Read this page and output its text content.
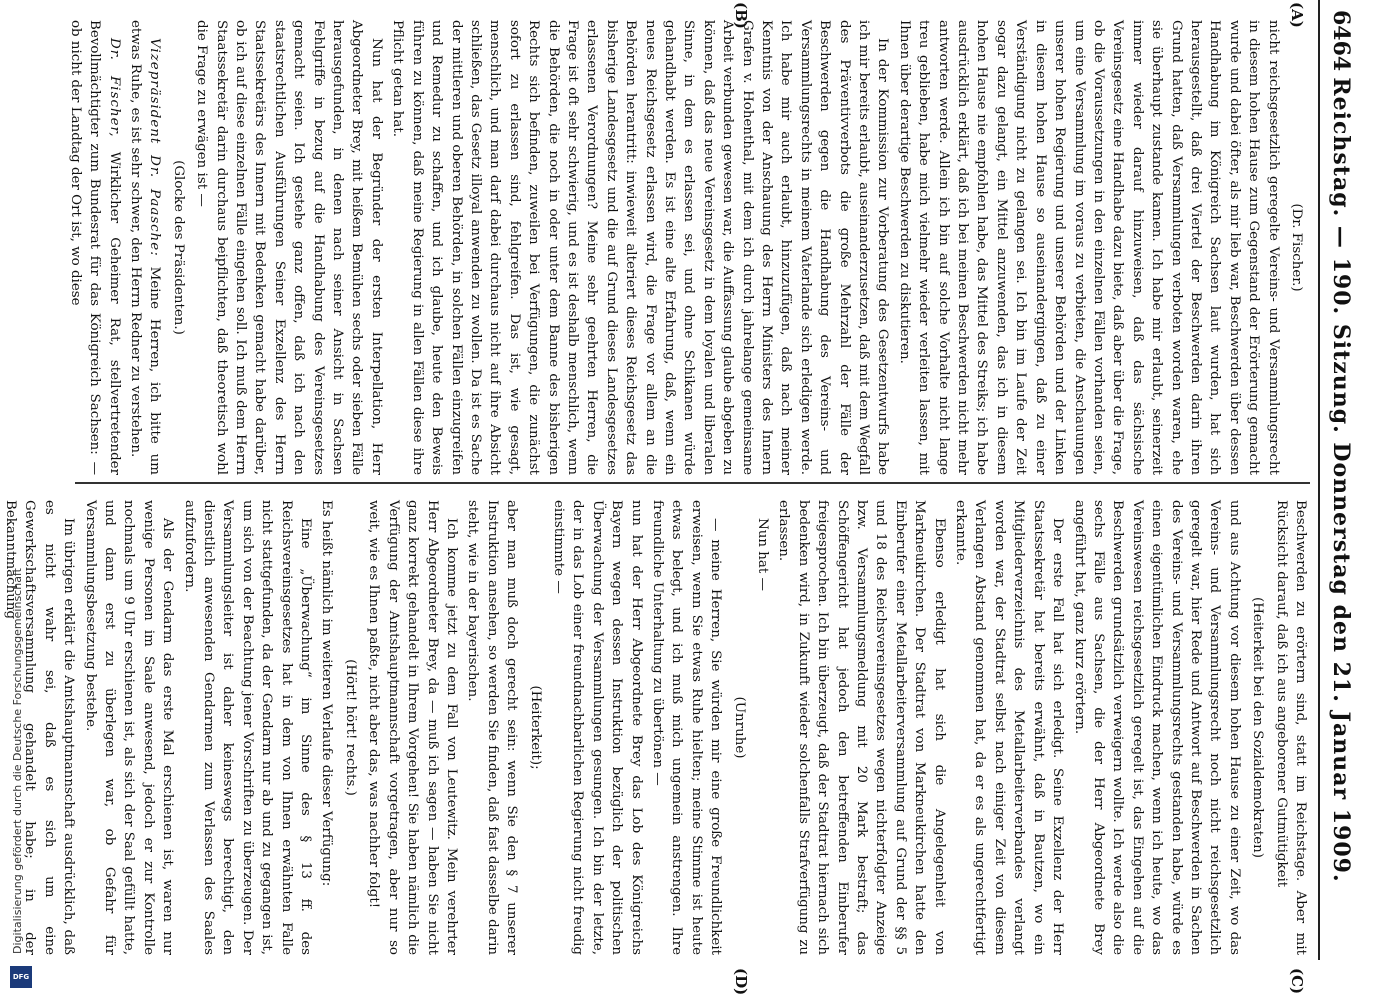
6464
Reichstag. — 190. Sitzung. Donnerstag den 21. Januar 1909.
(A)
(B)
(C)
(D)

(Dr. Fischer.)

nicht reichsgesetzlich geregelte Vereins- und Versammlungsrecht in diesem hohen Hause zum Gegenstand der Erörterung gemacht wurde und dabei öfter, als mir lieb war, Beschwerden über dessen Handhabung im Königreich Sachsen laut wurden, hat sich herausgestellt, daß drei Viertel der Beschwerden darin ihren Grund hatten, daß Versammlungen verboten worden waren, ehe sie überhaupt zustande kamen. Ich habe mir erlaubt, seinerzeit immer wieder darauf hinzuweisen, daß das sächsische Vereinsgesetz eine Handhabe dazu biete, daß aber über die Frage, ob die Voraussetzungen in den einzelnen Fällen vorhanden seien, um eine Versammlung im voraus zu verbieten, die Anschauungen unserer hohen Regierung und unserer Behörden und der Linken in diesem hohen Hause so auseinandergingen, daß zu einer Verständigung nicht zu gelangen sei. Ich bin im Laufe der Zeit sogar dazu gelangt, ein Mittel anzuwenden, das ich in diesem hohen Hause nie empfohlen habe, das Mittel des Streiks; ich habe ausdrücklich erklärt, daß ich bei meinen Beschwerden nicht mehr antworten werde. Allein ich bin auf solche Vorhalte nicht lange treu geblieben, habe mich vielmehr wieder verleiten lassen, mit Ihnen über derartige Beschwerden zu diskutieren.

In der Kommission zur Vorberatung des Gesetzentwurfs habe ich mir bereits erlaubt, auseinanderzusetzen, daß mit dem Wegfall des Präventivverbots die große Mehrzahl der Fälle der Beschwerden gegen die Handhabung des Vereins- und Versammlungsrechts in meinem Vaterlande sich erledigen werde. Ich habe mir auch erlaubt, hinzuzufügen, daß nach meiner Kenntnis von der Anschauung des Herrn Ministers des Innern Grafen v. Hohenthal, mit dem ich durch jahrelange gemeinsame Arbeit verbunden gewesen war, die Auffassung glaube abgeben zu können, daß das neue Vereinsgesetz in dem loyalen und liberalen Sinne, in dem es erlassen sei, und ohne Schikanen würde gehandhabt werden. Es ist eine alte Erfahrung, daß, wenn ein neues Reichsgesetz erlassen wird, die Frage vor allem an die Behörden herantritt: inwieweit alteriert dieses Reichsgesetz das bisherige Landesgesetz und die auf Grund dieses Landesgesetzes erlassenen Verordnungen? Meine sehr geehrten Herren, die Frage ist oft sehr schwierig, und es ist deshalb menschlich, wenn die Behörden, die noch in oder unter dem Banne des bisherigen Rechts sich befinden, zuweilen bei Verfügungen, die zunächst sofort zu erlassen sind, fehlgreifen. Das ist, wie gesagt, menschlich, und man darf dabei durchaus nicht auf ihre Absicht schließen, das Gesetz illoyal anwenden zu wollen. Da ist es Sache der mittleren und oberen Behörden, in solchen Fällen einzugreifen und Remedur zu schaffen, und ich glaube, heute den Beweis führen zu können, daß meine Regierung in allen Fällen diese ihre Pflicht getan hat.

Nun hat der Begründer der ersten Interpellation, Herr Abgeordneter Brey, mit heißem Bemühen sechs oder sieben Fälle herausgefunden, in denen nach seiner Ansicht in Sachsen Fehlgriffe in bezug auf die Handhabung des Vereinsgesetzes gemacht seien. Ich gestehe ganz offen, daß ich nach den staatsrechtlichen Ausführungen Seiner Exzellenz des Herrn Staatssekretärs des Innern mit Bedenken gemacht habe darüber, ob ich auf diese einzelnen Fälle eingehen soll. Ich muß dem Herrn Staatssekretär darin durchaus beipflichten, daß theoretisch wohl die Frage zu erwägen ist —

(Glocke des Präsidenten.)

Vizepräsident Dr. Paasche: Meine Herren, ich bitte um etwas Ruhe, es ist sehr schwer, den Herrn Redner zu verstehen.

Dr. Fischer, Wirklicher Geheimer Rat, stellvertretender Bevollmächtigter zum Bundesrat für das Königreich Sachsen: — ob nicht der Landtag der Ort ist, wo diese

Beschwerden zu erörtern sind, statt im Reichstage. Aber mit Rücksicht darauf, daß ich aus angeborener Gutmütigkeit

(Heiterkeit bei den Sozialdemokraten)

und aus Achtung vor diesem hohen Hause zu einer Zeit, wo das Vereins- und Versammlungsrecht noch nicht reichsgesetzlich geregelt war, hier Rede und Antwort auf Beschwerden in Sachen des Vereins- und Versammlungsrechts gestanden habe, würde es einen eigentümlichen Eindruck machen, wenn ich heute, wo das Vereinswesen reichsgesetzlich geregelt ist, das Eingehen auf die Beschwerden grundsätzlich verweigern wollte. Ich werde also die sechs Fälle aus Sachsen, die der Herr Abgeordnete Brey angeführt hat, ganz kurz erörtern.

Der erste Fall hat sich erledigt. Seine Exzellenz der Herr Staatssekretär hat bereits erwähnt, daß in Bautzen, wo ein Mitgliederverzeichnis des Metallarbeiterverbandes verlangt worden war, der Stadtrat selbst nach einiger Zeit von diesem Verlangen Abstand genommen hat, da er es als ungerechtfertigt erkannte.

Ebenso erledigt hat sich die Angelegenheit von Markneukirchen. Der Stadtrat von Markneukirchen hatte den Einberufer einer Metallarbeiterversammlung auf Grund der §§ 5 und 18 des Reichsvereinsgesetzes wegen nichterfolgter Anzeige bzw. Versammlungsmeldung mit 20 Mark bestraft; das Schöffengericht hat jedoch den betreffenden Einberufer freigesprochen. Ich bin überzeugt, daß der Stadtrat hiernach sich bedenken wird, in Zukunft wieder solchenfalls Strafverfügung zu erlassen.

Nun hat —

(Unruhe)

— meine Herren, Sie würden mir eine große Freundlichkeit erweisen, wenn Sie etwas Ruhe hielten; meine Stimme ist heute etwas belegt, und ich muß mich ungemein anstrengen. Ihre freundliche Unterhaltung zu übertönen —

nun hat der Herr Abgeordnete Brey das Lob des Königreichs Bayern wegen dessen Instruktion bezüglich der politischen Überwachung der Versammlungen gesungen. Ich bin der letzte, der in das Lob einer freundnachbarlichen Regierung nicht freudig einstimmte —

(Heiterkeit);

aber man muß doch gerecht sein: wenn Sie den § 7 unserer Instruktion ansehen, so werden Sie finden, daß fast dasselbe darin steht, wie in der bayerischen.

Ich komme jetzt zu dem Fall von Leutewitz. Mein verehrter Herr Abgeordneter Brey, da — muß ich sagen — haben Sie nicht ganz korrekt gehandelt in Ihrem Vorgehen! Sie haben nämlich die Verfügung der Amtshauptmannschaft vorgetragen, aber nur so weit, wie es Ihnen paßte, nicht aber das, was nachher folgt!

(Hört! hört! rechts.)

Es heißt nämlich im weiteren Verlaufe dieser Verfügung:

Eine „Überwachung“ im Sinne des § 13 ff. des Reichsvereinsgesetzes hat in dem von Ihnen erwähnten Falle nicht stattgefunden, da der Gendarm nur ab und zu gegangen ist, um sich von der Beachtung jener Vorschriften zu überzeugen. Der Versammlungsleiter ist daher keineswegs berechtigt, den dienstlich anwesenden Gendarmen zum Verlassen des Saales aufzufordern.

Als der Gendarm das erste Mal erschienen ist, waren nur wenige Personen im Saale anwesend, jedoch er zur Kontrolle nochmals um 9 Uhr erschienen ist, als sich der Saal gefüllt hatte, und dann erst zu überlegen war, ob Gefahr für Versammlungsbesetzung bestehe.

Im übrigen erklärt die Amtshauptmannschaft ausdrücklich, daß es nicht wahr sei, daß es sich um eine Gewerkschaftsversammlung gehandelt habe; in der Bekanntmachung

Digitalisierung gefördert durch die Deutsche Forschungsgemeinschaft
DFG
